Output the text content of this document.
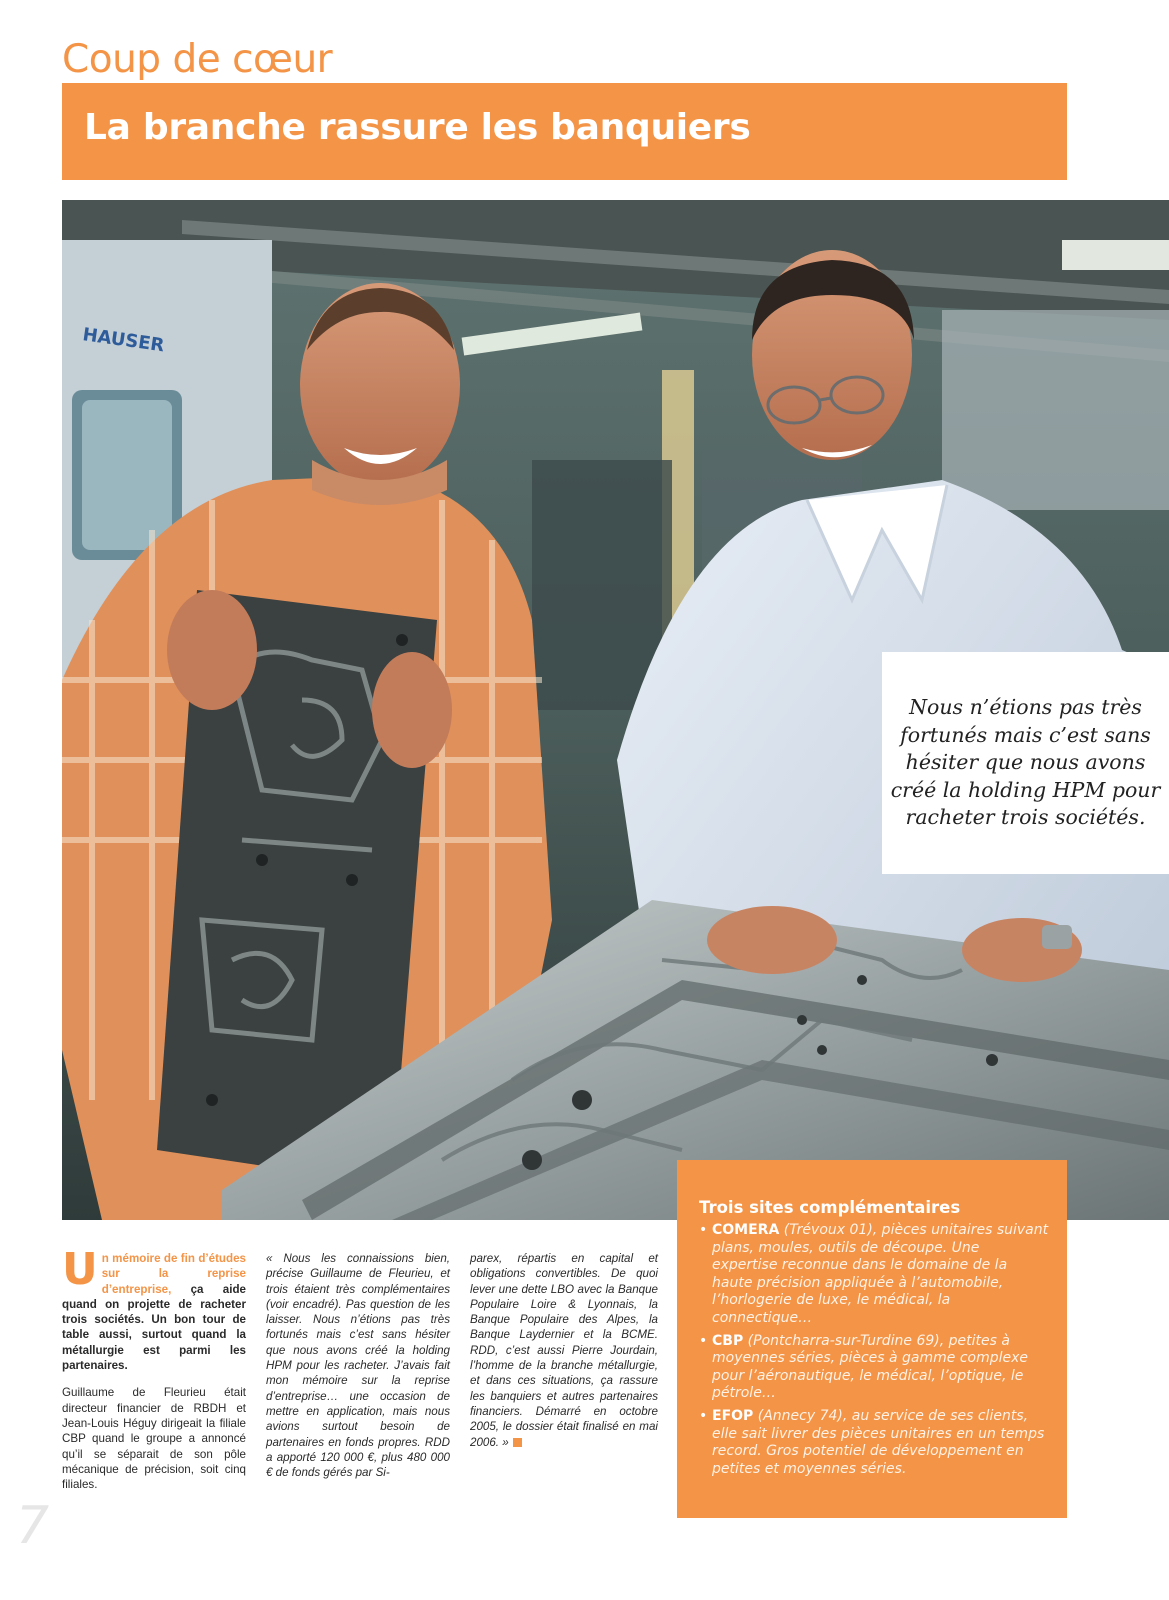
Coup de cœur
La branche rassure les banquiers
HAUSER

Nous n’étions pas très fortunés mais c’est sans hésiter que nous avons créé la holding HPM pour racheter trois sociétés.

Un mémoire de fin d’études sur la reprise d’entreprise, ça aide quand on projette de racheter trois sociétés. Un bon tour de table aussi, surtout quand la métallurgie est parmi les partenaires.

Guillaume de Fleurieu était directeur financier de RBDH et Jean-Louis Héguy dirigeait la filiale CBP quand le groupe a annoncé qu’il se séparait de son pôle mécanique de précision, soit cinq filiales.

« Nous les connaissions bien, précise Guillaume de Fleurieu, et trois étaient très complémentaires (voir encadré). Pas question de les laisser. Nous n’étions pas très fortunés mais c’est sans hésiter que nous avons créé la holding HPM pour les racheter. J’avais fait mon mémoire sur la reprise d’entreprise… une occasion de mettre en application, mais nous avions surtout besoin de partenaires en fonds propres. RDD a apporté 120 000 €, plus 480 000 € de fonds gérés par Si-

parex, répartis en capital et obligations convertibles. De quoi lever une dette LBO avec la Banque Populaire Loire & Lyonnais, la Banque Populaire des Alpes, la Banque Laydernier et la BCME. RDD, c’est aussi Pierre Jourdain, l’homme de la branche métallurgie, et dans ces situations, ça rassure les banquiers et autres partenaires financiers. Démarré en octobre 2005, le dossier était finalisé en mai 2006. »

Trois sites complémentaires
• COMERA (Trévoux 01), pièces unitaires suivant plans, moules, outils de découpe. Une expertise reconnue dans le domaine de la haute précision appliquée à l’automobile, l’horlogerie de luxe, le médical, la connectique…
• CBP (Pontcharra-sur-Turdine 69), petites à moyennes séries, pièces à gamme complexe pour l’aéronautique, le médical, l’optique, le pétrole…
• EFOP (Annecy 74), au service de ses clients, elle sait livrer des pièces unitaires en un temps record. Gros potentiel de développement en petites et moyennes séries.
7
